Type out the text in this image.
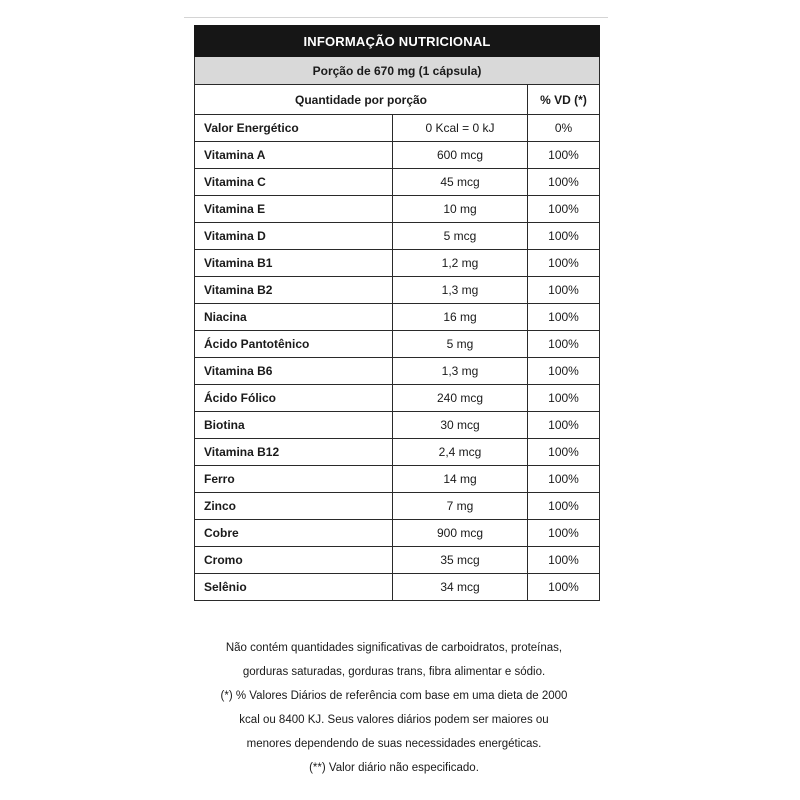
INFORMAÇÃO NUTRICIONAL		
Porção de 670 mg (1 cápsula)		
Quantidade por porção		% VD (*)
Valor Energético	0 Kcal = 0 kJ	0%
Vitamina A	600 mcg	100%
Vitamina C	45 mcg	100%
Vitamina E	10 mg	100%
Vitamina D	5 mcg	100%
Vitamina B1	1,2 mg	100%
Vitamina B2	1,3 mg	100%
Niacina	16 mg	100%
Ácido Pantotênico	5 mg	100%
Vitamina B6	1,3 mg	100%
Ácido Fólico	240 mcg	100%
Biotina	30 mcg	100%
Vitamina B12	2,4 mcg	100%
Ferro	14 mg	100%
Zinco	7 mg	100%
Cobre	900 mcg	100%
Cromo	35 mcg	100%
Selênio	34 mcg	100%

Não contém quantidades significativas de carboidratos, proteínas,

gorduras saturadas, gorduras trans, fibra alimentar e sódio.

(*) % Valores Diários de referência com base em uma dieta de 2000

kcal ou 8400 KJ. Seus valores diários podem ser maiores ou

menores dependendo de suas necessidades energéticas.

(**) Valor diário não especificado.
